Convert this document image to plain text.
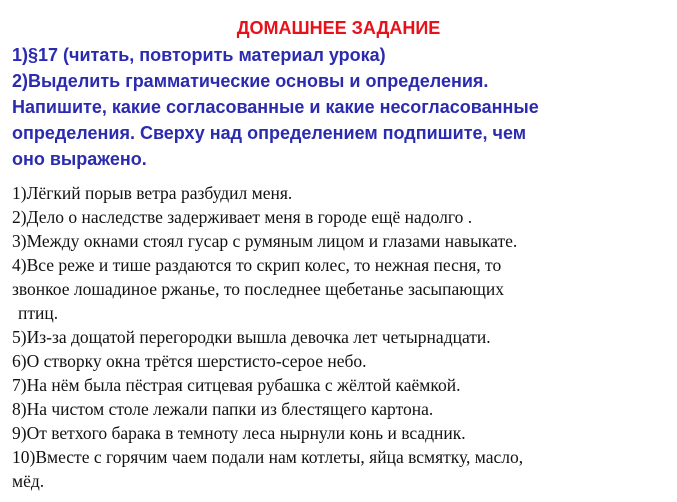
ДОМАШНЕЕ ЗАДАНИЕ
1)§17 (читать, повторить материал урока)
2)Выделить грамматические основы и определения.
Напишите, какие согласованные и какие несогласованные
определения. Сверху над определением подпишите, чем
оно выражено.
1)Лёгкий порыв ветра разбудил меня.
2)Дело о наследстве задерживает меня в городе ещё надолго .
3)Между окнами стоял гусар с румяным лицом и глазами навыкате.
4)Все реже и тише раздаются то скрип колес, то нежная песня, то
звонкое лошадиное ржанье, то последнее щебетанье засыпающих
птиц.
5)Из-за дощатой перегородки вышла девочка лет четырнадцати.
6)О створку окна трётся шерстисто-серое небо.
7)На нём была пёстрая ситцевая рубашка с жёлтой каёмкой.
8)На чистом столе лежали папки из блестящего картона.
9)От ветхого барака в темноту леса нырнули конь и всадник.
10)Вместе с горячим чаем подали нам котлеты, яйца всмятку, масло,
мёд.
